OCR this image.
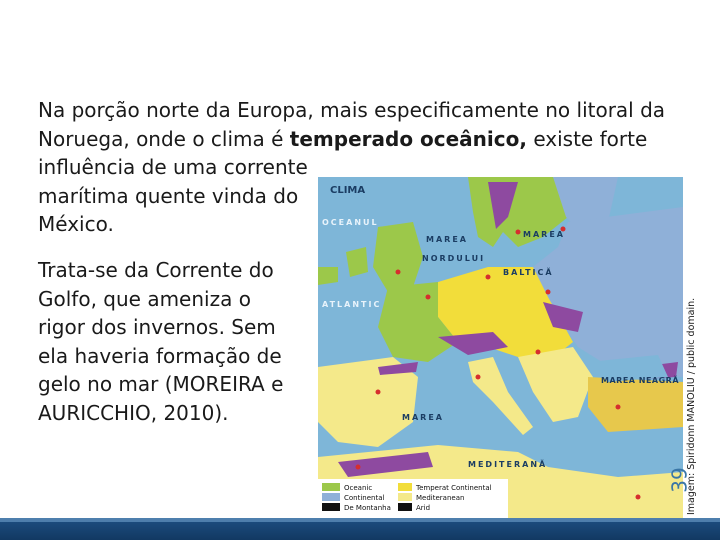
Na porção norte da Europa, mais especificamente no litoral da
Noruega, onde o clima é temperado oceânico, existe forte
influência de uma corrente
marítima quente vinda do
México.
Trata-se da Corrente do
Golfo, que ameniza o
rigor dos invernos. Sem
ela haveria formação de
gelo no mar (MOREIRA e
AURICCHIO, 2010).
CLIMA
OCEANUL
ATLANTIC
MAREA
NORDULUI
MAREA
BALTICĂ
MAREA NEAGRĂ
MAREA
MEDITERANĂ
Oceanic
Continental
De Montanha
Temperat Continental
Mediteranean
Arid
39
Imagem: Spiridonn MANOLIU / public domain.
